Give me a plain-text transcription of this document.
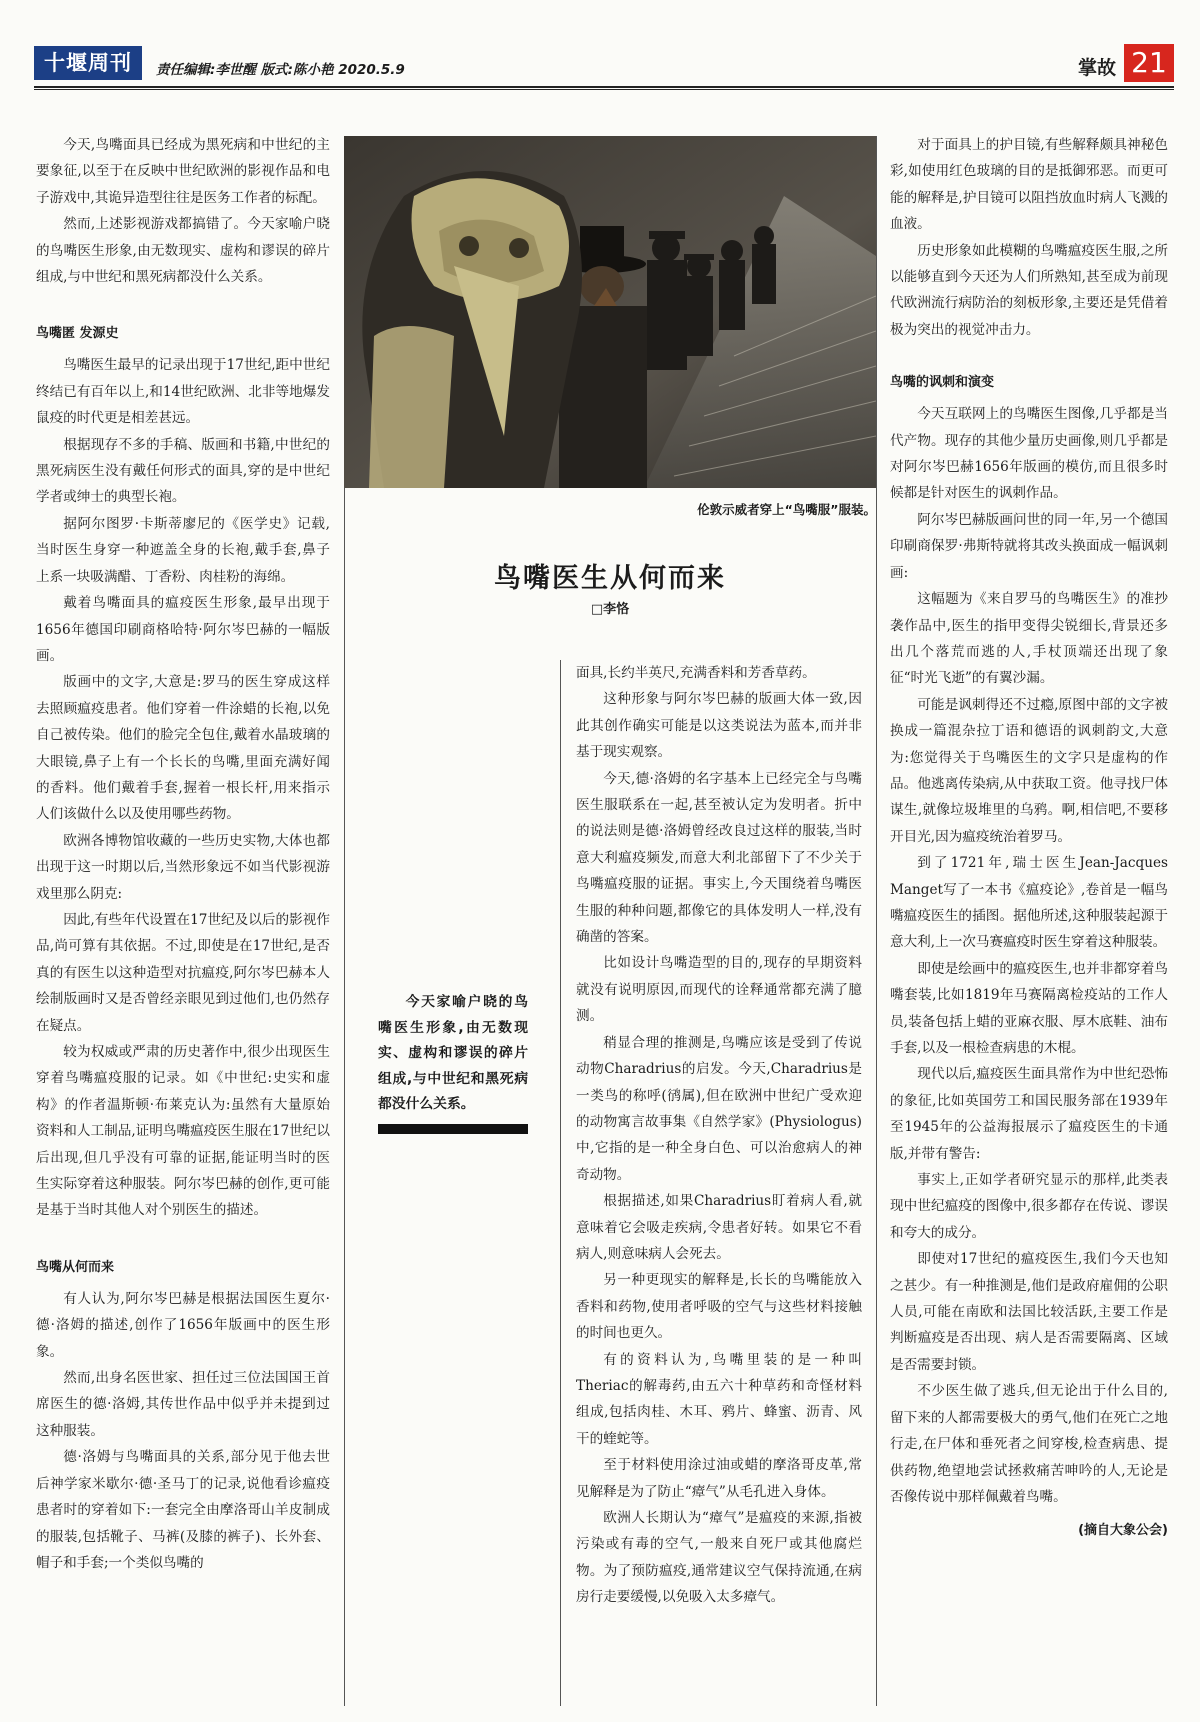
十堰周刊	责任编辑:李世醒 版式:陈小艳 2020.5.9	掌故 21

今天,鸟嘴面具已经成为黑死病和中世纪的主要象征,以至于在反映中世纪欧洲的影视作品和电子游戏中,其诡异造型往往是医务工作者的标配。

然而,上述影视游戏都搞错了。今天家喻户晓的鸟嘴医生形象,由无数现实、虚构和谬误的碎片组成,与中世纪和黑死病都没什么关系。

鸟嘴匿 发源史

鸟嘴医生最早的记录出现于17世纪,距中世纪终结已有百年以上,和14世纪欧洲、北非等地爆发鼠疫的时代更是相差甚远。

根据现存不多的手稿、版画和书籍,中世纪的黑死病医生没有戴任何形式的面具,穿的是中世纪学者或绅士的典型长袍。

据阿尔图罗·卡斯蒂廖尼的《医学史》记载,当时医生身穿一种遮盖全身的长袍,戴手套,鼻子上系一块吸满醋、丁香粉、肉桂粉的海绵。

戴着鸟嘴面具的瘟疫医生形象,最早出现于1656年德国印刷商格哈特·阿尔岑巴赫的一幅版画。

版画中的文字,大意是:罗马的医生穿成这样去照顾瘟疫患者。他们穿着一件涂蜡的长袍,以免自己被传染。他们的脸完全包住,戴着水晶玻璃的大眼镜,鼻子上有一个长长的鸟嘴,里面充满好闻的香料。他们戴着手套,握着一根长杆,用来指示人们该做什么以及使用哪些药物。

欧洲各博物馆收藏的一些历史实物,大体也都出现于这一时期以后,当然形象远不如当代影视游戏里那么阴克:

因此,有些年代设置在17世纪及以后的影视作品,尚可算有其依据。不过,即使是在17世纪,是否真的有医生以这种造型对抗瘟疫,阿尔岑巴赫本人绘制版画时又是否曾经亲眼见到过他们,也仍然存在疑点。

较为权威或严肃的历史著作中,很少出现医生穿着鸟嘴瘟疫服的记录。如《中世纪:史实和虚构》的作者温斯顿·布莱克认为:虽然有大量原始资料和人工制品,证明鸟嘴瘟疫医生服在17世纪以后出现,但几乎没有可靠的证据,能证明当时的医生实际穿着这种服装。阿尔岑巴赫的创作,更可能是基于当时其他人对个别医生的描述。

鸟嘴从何而来

有人认为,阿尔岑巴赫是根据法国医生夏尔·德·洛姆的描述,创作了1656年版画中的医生形象。

然而,出身名医世家、担任过三位法国国王首席医生的德·洛姆,其传世作品中似乎并未提到过这种服装。

德·洛姆与鸟嘴面具的关系,部分见于他去世后神学家米歇尔·德·圣马丁的记录,说他看诊瘟疫患者时的穿着如下:一套完全由摩洛哥山羊皮制成的服装,包括靴子、马裤(及膝的裤子)、长外套、帽子和手套;一个类似鸟嘴的

伦敦示威者穿上“鸟嘴服”服装。
鸟嘴医生从何而来
□李恪

今天家喻户晓的鸟嘴医生形象,由无数现实、虚构和谬误的碎片组成,与中世纪和黑死病都没什么关系。

面具,长约半英尺,充满香料和芳香草药。

这种形象与阿尔岑巴赫的版画大体一致,因此其创作确实可能是以这类说法为蓝本,而并非基于现实观察。

今天,德·洛姆的名字基本上已经完全与鸟嘴医生服联系在一起,甚至被认定为发明者。折中的说法则是德·洛姆曾经改良过这样的服装,当时意大利瘟疫频发,而意大利北部留下了不少关于鸟嘴瘟疫服的证据。事实上,今天围绕着鸟嘴医生服的种种问题,都像它的具体发明人一样,没有确凿的答案。

比如设计鸟嘴造型的目的,现存的早期资料就没有说明原因,而现代的诠释通常都充满了臆测。

稍显合理的推测是,鸟嘴应该是受到了传说动物Charadrius的启发。今天,Charadrius是一类鸟的称呼(鸻属),但在欧洲中世纪广受欢迎的动物寓言故事集《自然学家》(Physiologus)中,它指的是一种全身白色、可以治愈病人的神奇动物。

根据描述,如果Charadrius盯着病人看,就意味着它会吸走疾病,令患者好转。如果它不看病人,则意味病人会死去。

另一种更现实的解释是,长长的鸟嘴能放入香料和药物,使用者呼吸的空气与这些材料接触的时间也更久。

有的资料认为,鸟嘴里装的是一种叫Theriac的解毒药,由五六十种草药和奇怪材料组成,包括肉桂、木耳、鸦片、蜂蜜、沥青、风干的蝰蛇等。

至于材料使用涂过油或蜡的摩洛哥皮革,常见解释是为了防止“瘴气”从毛孔进入身体。

欧洲人长期认为“瘴气”是瘟疫的来源,指被污染或有毒的空气,一般来自死尸或其他腐烂物。为了预防瘟疫,通常建议空气保持流通,在病房行走要缓慢,以免吸入太多瘴气。

对于面具上的护目镜,有些解释颇具神秘色彩,如使用红色玻璃的目的是抵御邪恶。而更可能的解释是,护目镜可以阻挡放血时病人飞溅的血液。

历史形象如此模糊的鸟嘴瘟疫医生服,之所以能够直到今天还为人们所熟知,甚至成为前现代欧洲流行病防治的刻板形象,主要还是凭借着极为突出的视觉冲击力。

鸟嘴的讽刺和演变

今天互联网上的鸟嘴医生图像,几乎都是当代产物。现存的其他少量历史画像,则几乎都是对阿尔岑巴赫1656年版画的模仿,而且很多时候都是针对医生的讽刺作品。

阿尔岑巴赫版画问世的同一年,另一个德国印刷商保罗·弗斯特就将其改头换面成一幅讽刺画:

这幅题为《来自罗马的鸟嘴医生》的准抄袭作品中,医生的指甲变得尖锐细长,背景还多出几个落荒而逃的人,手杖顶端还出现了象征“时光飞逝”的有翼沙漏。

可能是讽刺得还不过瘾,原图中部的文字被换成一篇混杂拉丁语和德语的讽刺韵文,大意为:您觉得关于鸟嘴医生的文字只是虚构的作品。他逃离传染病,从中获取工资。他寻找尸体谋生,就像垃圾堆里的乌鸦。啊,相信吧,不要移开目光,因为瘟疫统治着罗马。

到了1721年,瑞士医生Jean-Jacques Manget写了一本书《瘟疫论》,卷首是一幅鸟嘴瘟疫医生的插图。据他所述,这种服装起源于意大利,上一次马赛瘟疫时医生穿着这种服装。

即使是绘画中的瘟疫医生,也并非都穿着鸟嘴套装,比如1819年马赛隔离检疫站的工作人员,装备包括上蜡的亚麻衣服、厚木底鞋、油布手套,以及一根检查病患的木棍。

现代以后,瘟疫医生面具常作为中世纪恐怖的象征,比如英国劳工和国民服务部在1939年至1945年的公益海报展示了瘟疫医生的卡通版,并带有警告:

事实上,正如学者研究显示的那样,此类表现中世纪瘟疫的图像中,很多都存在传说、谬误和夸大的成分。

即使对17世纪的瘟疫医生,我们今天也知之甚少。有一种推测是,他们是政府雇佣的公职人员,可能在南欧和法国比较活跃,主要工作是判断瘟疫是否出现、病人是否需要隔离、区域是否需要封锁。

不少医生做了逃兵,但无论出于什么目的,留下来的人都需要极大的勇气,他们在死亡之地行走,在尸体和垂死者之间穿梭,检查病患、提供药物,绝望地尝试拯救痛苦呻吟的人,无论是否像传说中那样佩戴着鸟嘴。

(摘自大象公会)
